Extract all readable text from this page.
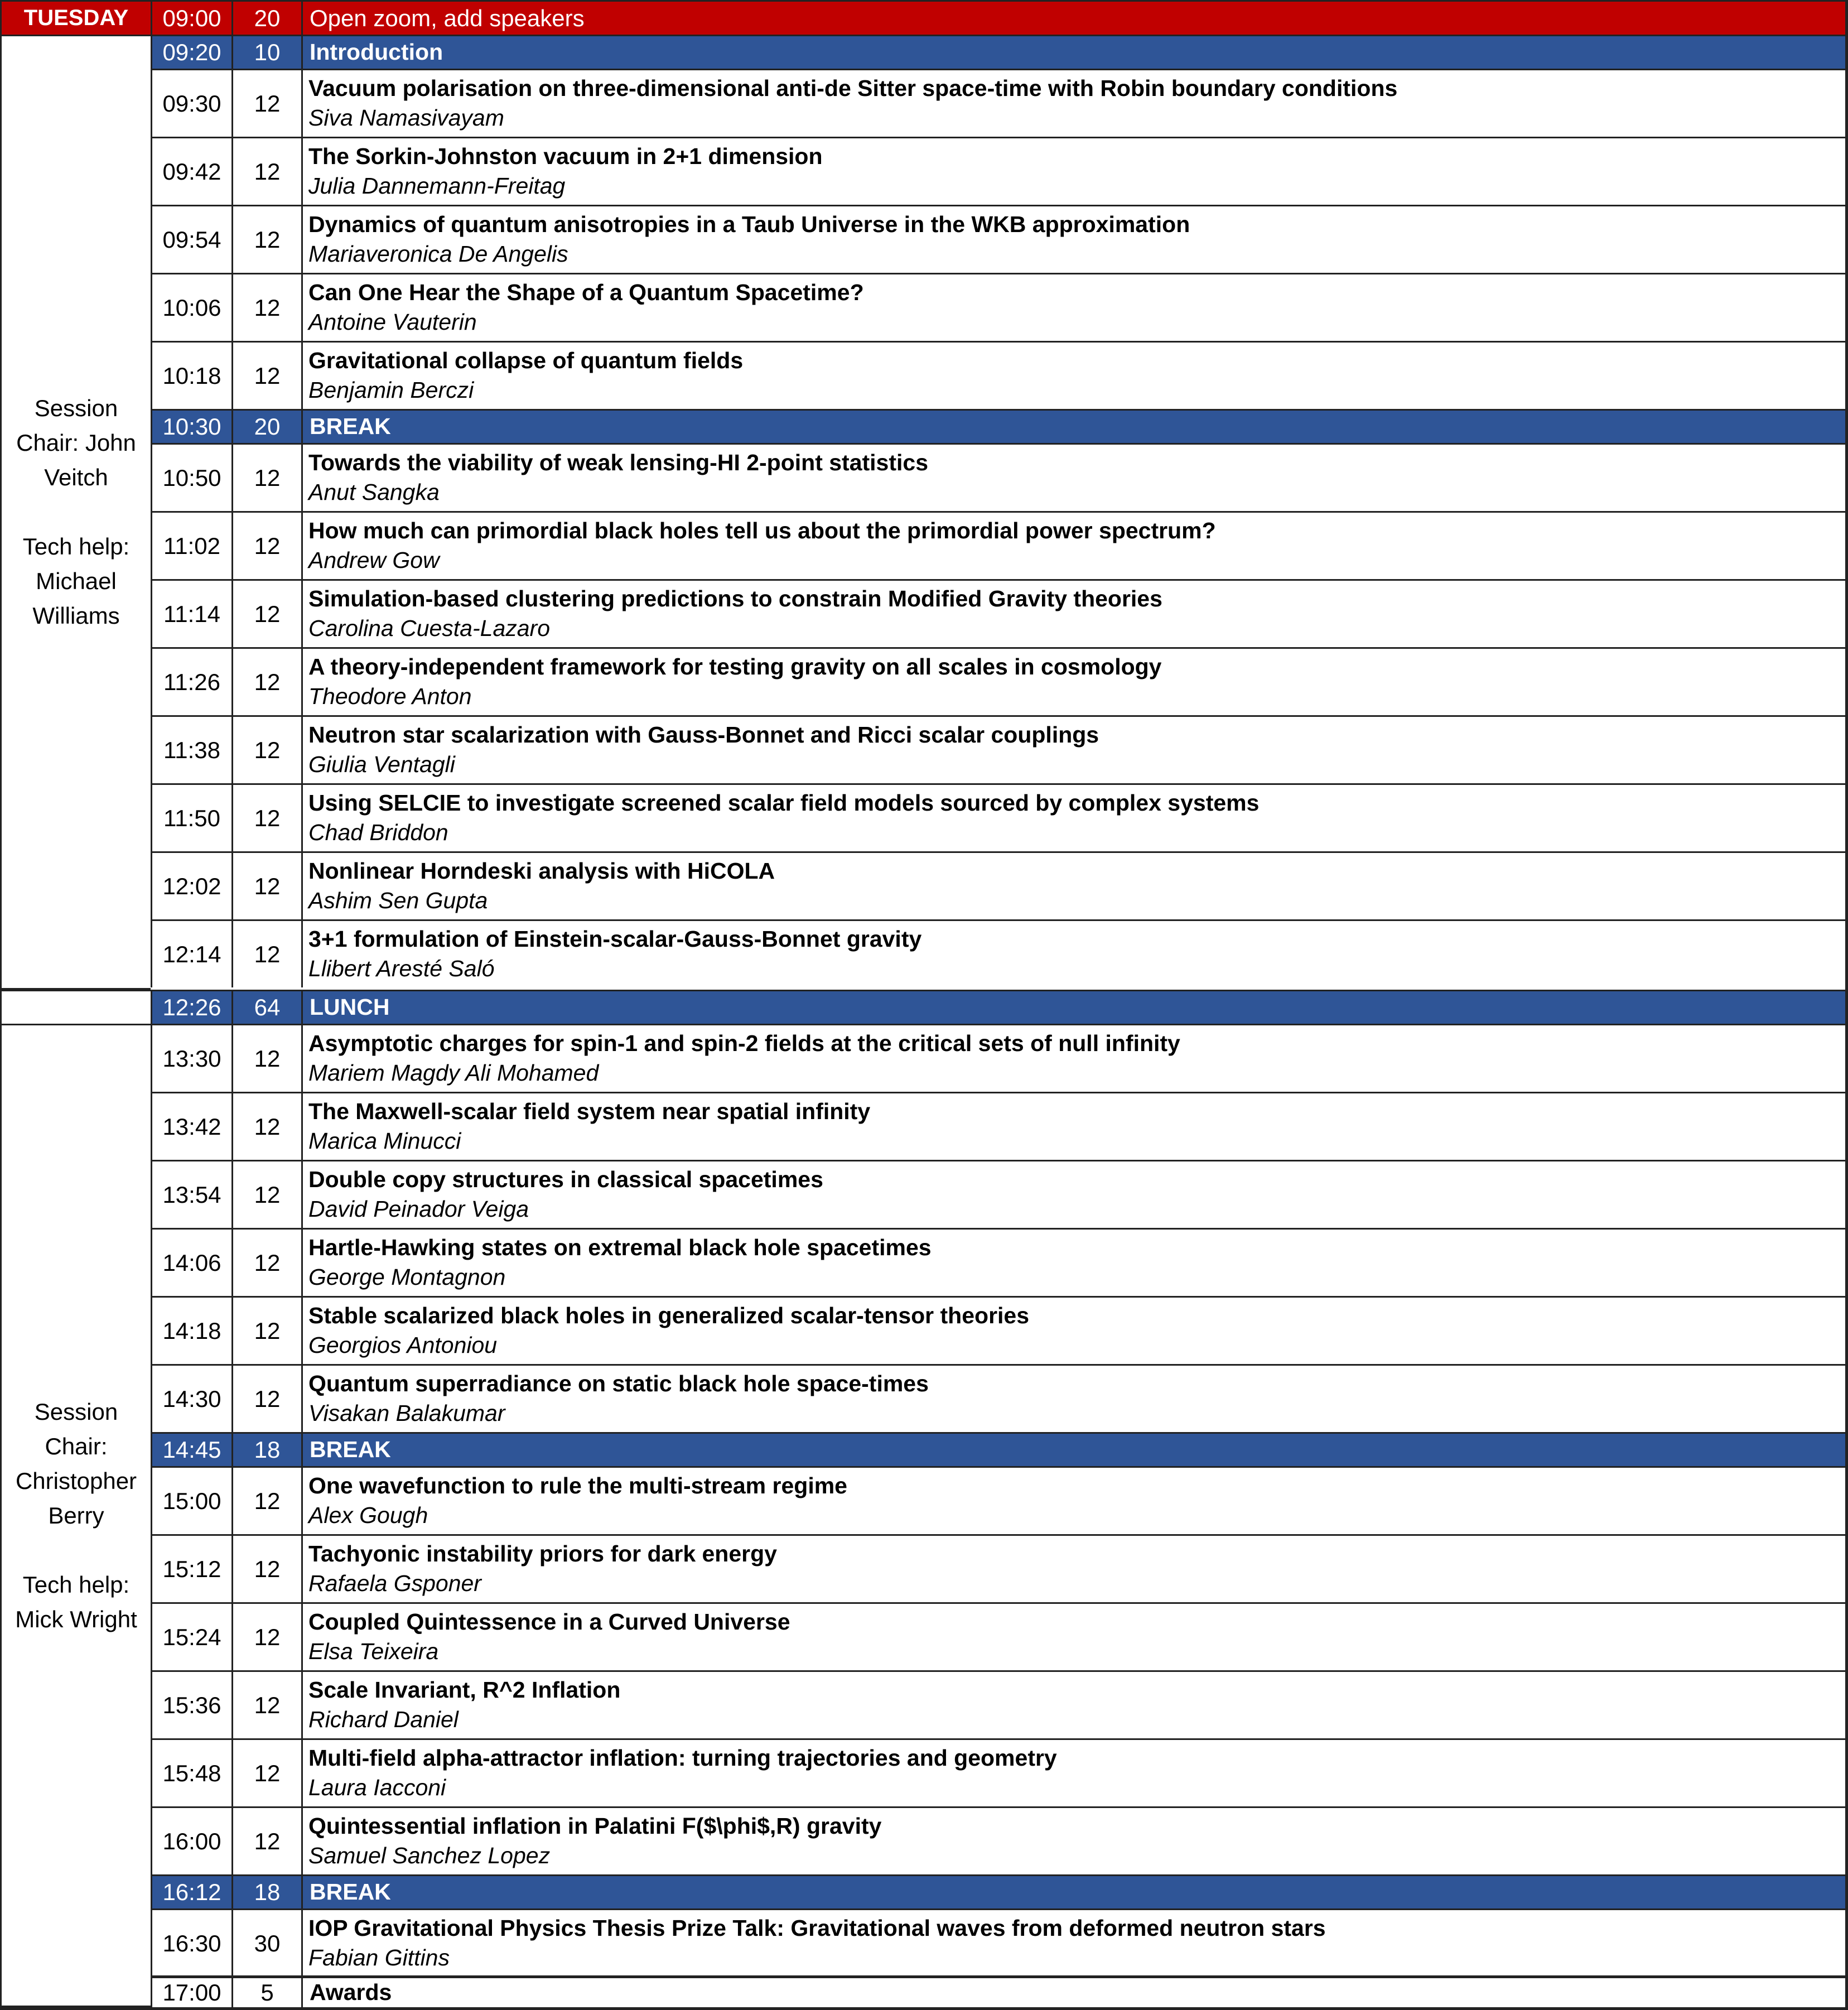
TUESDAY 09:00 20 Open zoom, add speakers
Session
Chair: John
Veitch

Tech help:
Michael
Williams
09:20 10 Introduction
09:30 12
Vacuum polarisation on three-dimensional anti-de Sitter space-time with Robin boundary conditions
Siva Namasivayam
09:42 12
The Sorkin-Johnston vacuum in 2+1 dimension
Julia Dannemann-Freitag
09:54 12
Dynamics of quantum anisotropies in a Taub Universe in the WKB approximation
Mariaveronica De Angelis
10:06 12
Can One Hear the Shape of a Quantum Spacetime?
Antoine Vauterin
10:18 12
Gravitational collapse of quantum fields
Benjamin Berczi
10:30 20 BREAK
10:50 12
Towards the viability of weak lensing-HI 2-point statistics
Anut Sangka
11:02 12
How much can primordial black holes tell us about the primordial power spectrum?
Andrew Gow
11:14 12
Simulation-based clustering predictions to constrain Modified Gravity theories
Carolina Cuesta-Lazaro
11:26 12
A theory-independent framework for testing gravity on all scales in cosmology
Theodore Anton
11:38 12
Neutron star scalarization with Gauss-Bonnet and Ricci scalar couplings
Giulia Ventagli
11:50 12
Using SELCIE to investigate screened scalar field models sourced by complex systems
Chad Briddon
12:02 12
Nonlinear Horndeski analysis with HiCOLA
Ashim Sen Gupta
12:14 12
3+1 formulation of Einstein-scalar-Gauss-Bonnet gravity
Llibert Aresté Saló
12:26 64 LUNCH
Session
Chair:
Christopher
Berry

Tech help:
Mick Wright
13:30 12
Asymptotic charges for spin-1 and spin-2 fields at the critical sets of null infinity
Mariem Magdy Ali Mohamed
13:42 12
The Maxwell-scalar field system near spatial infinity
Marica Minucci
13:54 12
Double copy structures in classical spacetimes
David Peinador Veiga
14:06 12
Hartle-Hawking states on extremal black hole spacetimes
George Montagnon
14:18 12
Stable scalarized black holes in generalized scalar-tensor theories
Georgios Antoniou
14:30 12
Quantum superradiance on static black hole space-times
Visakan Balakumar
14:45 18 BREAK
15:00 12
One wavefunction to rule the multi-stream regime
Alex Gough
15:12 12
Tachyonic instability priors for dark energy
Rafaela Gsponer
15:24 12
Coupled Quintessence in a Curved Universe
Elsa Teixeira
15:36 12
Scale Invariant, R^2 Inflation
Richard Daniel
15:48 12
Multi-field alpha-attractor inflation: turning trajectories and geometry
Laura Iacconi
16:00 12
Quintessential inflation in Palatini F($\phi$,R) gravity
Samuel Sanchez Lopez
16:12 18 BREAK
16:30 30
IOP Gravitational Physics Thesis Prize Talk: Gravitational waves from deformed neutron stars
Fabian Gittins
17:00 5 Awards
